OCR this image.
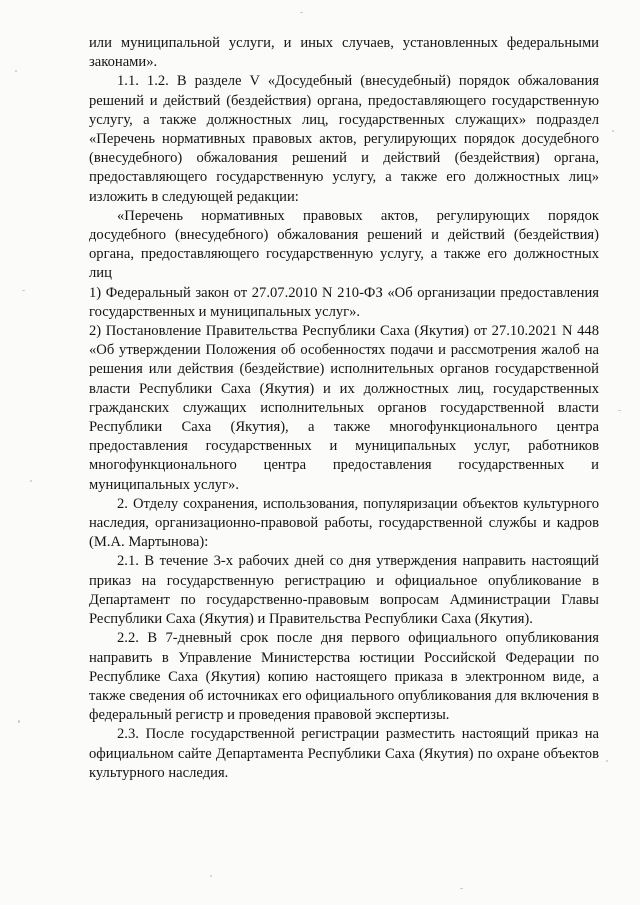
или муниципальной услуги, и иных случаев, установленных федеральными законами».

1.1. 1.2. В разделе V «Досудебный (внесудебный) порядок обжалования решений и действий (бездействия) органа, предоставляющего государственную услугу, а также должностных лиц, государственных служащих» подраздел «Перечень нормативных правовых актов, регулирующих порядок досудебного (внесудебного) обжалования решений и действий (бездействия) органа, предоставляющего государственную услугу, а также его должностных лиц» изложить в следующей редакции:

«Перечень нормативных правовых актов, регулирующих порядок досудебного (внесудебного) обжалования решений и действий (бездействия) органа, предоставляющего государственную услугу, а также его должностных лиц

1) Федеральный закон от 27.07.2010 N 210-ФЗ «Об организации предоставления государственных и муниципальных услуг».

2) Постановление Правительства Республики Саха (Якутия) от 27.10.2021 N 448 «Об утверждении Положения об особенностях подачи и рассмотрения жалоб на решения или действия (бездействие) исполнительных органов государственной власти Республики Саха (Якутия) и их должностных лиц, государственных гражданских служащих исполнительных органов государственной власти Республики Саха (Якутия), а также многофункционального центра предоставления государственных и муниципальных услуг, работников многофункционального центра предоставления государственных и муниципальных услуг».

2. Отделу сохранения, использования, популяризации объектов культурного наследия, организационно-правовой работы, государственной службы и кадров (М.А. Мартынова):

2.1. В течение 3-х рабочих дней со дня утверждения направить настоящий приказ на государственную регистрацию и официальное опубликование в Департамент по государственно-правовым вопросам Администрации Главы Республики Саха (Якутия) и Правительства Республики Саха (Якутия).

2.2. В 7-дневный срок после дня первого официального опубликования направить в Управление Министерства юстиции Российской Федерации по Республике Саха (Якутия) копию настоящего приказа в электронном виде, а также сведения об источниках его официального опубликования для включения в федеральный регистр и проведения правовой экспертизы.

2.3. После государственной регистрации разместить настоящий приказ на официальном сайте Департамента Республики Саха (Якутия) по охране объектов культурного наследия.
